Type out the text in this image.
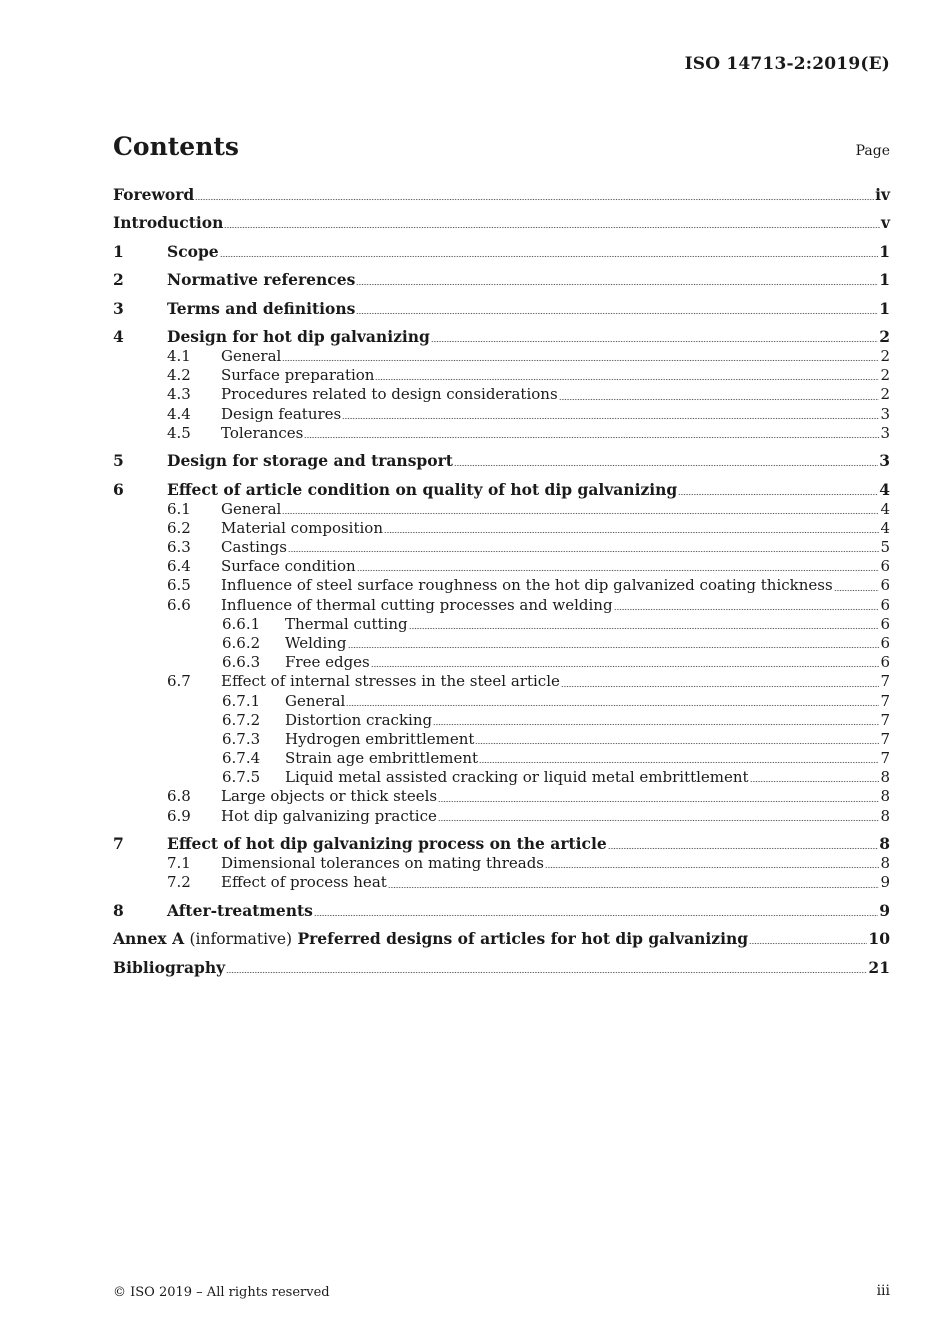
ISO 14713-2:2019(E)
Contents	Page
Foreword	iv
Introduction	v
1	Scope	1
2	Normative references	1
3	Terms and definitions	1
4	Design for hot dip galvanizing	2
4.1	General	2
4.2	Surface preparation	2
4.3	Procedures related to design considerations	2
4.4	Design features	3
4.5	Tolerances	3
5	Design for storage and transport	3
6	Effect of article condition on quality of hot dip galvanizing	4
6.1	General	4
6.2	Material composition	4
6.3	Castings	5
6.4	Surface condition	6
6.5	Influence of steel surface roughness on the hot dip galvanized coating thickness	6
6.6	Influence of thermal cutting processes and welding	6
6.6.1	Thermal cutting	6
6.6.2	Welding	6
6.6.3	Free edges	6
6.7	Effect of internal stresses in the steel article	7
6.7.1	General	7
6.7.2	Distortion cracking	7
6.7.3	Hydrogen embrittlement	7
6.7.4	Strain age embrittlement	7
6.7.5	Liquid metal assisted cracking or liquid metal embrittlement	8
6.8	Large objects or thick steels	8
6.9	Hot dip galvanizing practice	8
7	Effect of hot dip galvanizing process on the article	8
7.1	Dimensional tolerances on mating threads	8
7.2	Effect of process heat	9
8	After-treatments	9
Annex A (informative) Preferred designs of articles for hot dip galvanizing	10
Bibliography	21
© ISO 2019 – All rights reserved	iii
